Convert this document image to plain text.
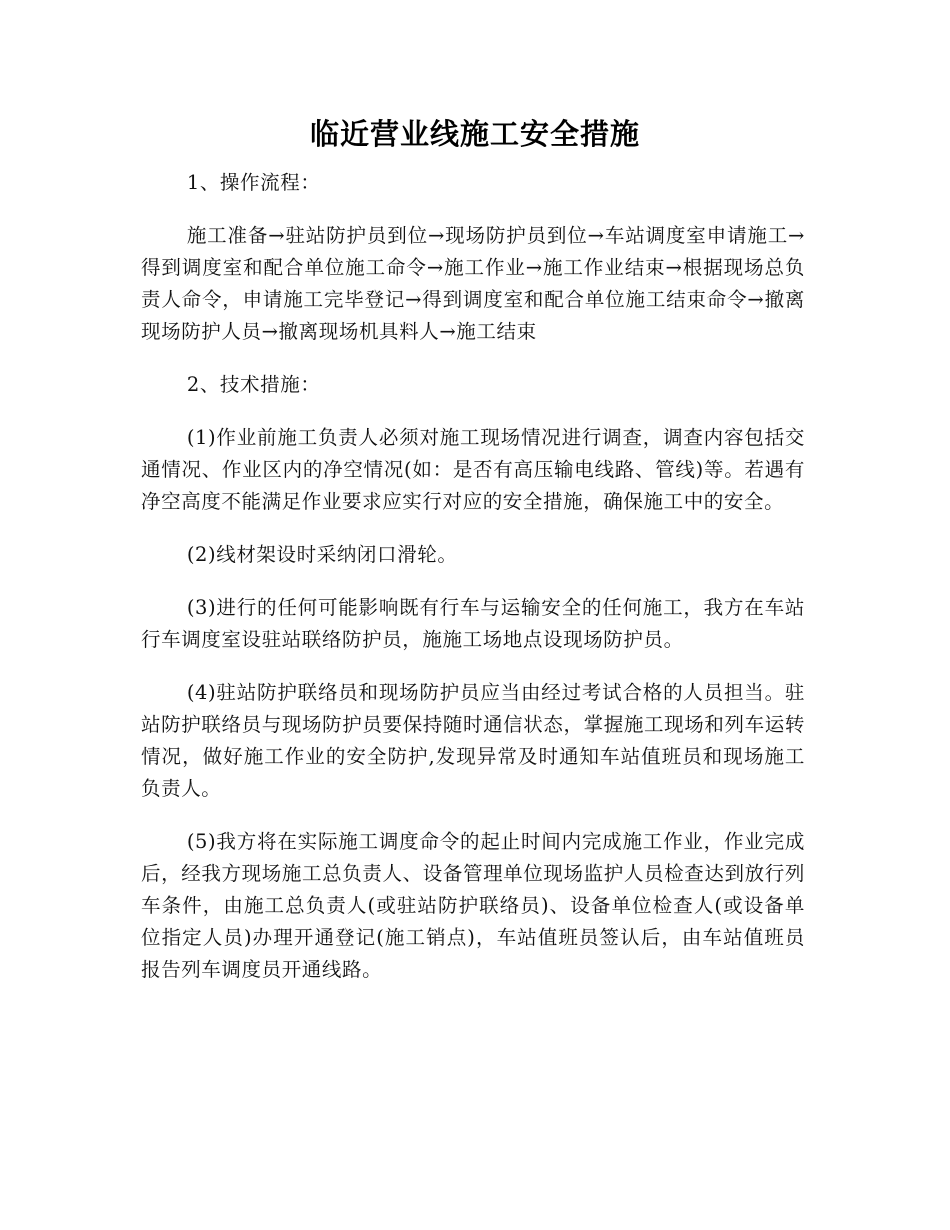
临近营业线施工安全措施

1、操作流程：

施工准备→驻站防护员到位→现场防护员到位→车站调度室申请施工→得到调度室和配合单位施工命令→施工作业→施工作业结束→根据现场总负责人命令，申请施工完毕登记→得到调度室和配合单位施工结束命令→撤离现场防护人员→撤离现场机具料人→施工结束

2、技术措施：

(1)作业前施工负责人必须对施工现场情况进行调查，调查内容包括交通情况、作业区内的净空情况(如：是否有高压输电线路、管线)等。若遇有净空高度不能满足作业要求应实行对应的安全措施，确保施工中的安全。

(2)线材架设时采纳闭口滑轮。

(3)进行的任何可能影响既有行车与运输安全的任何施工，我方在车站行车调度室设驻站联络防护员，施施工场地点设现场防护员。

(4)驻站防护联络员和现场防护员应当由经过考试合格的人员担当。驻站防护联络员与现场防护员要保持随时通信状态，掌握施工现场和列车运转情况，做好施工作业的安全防护,发现异常及时通知车站值班员和现场施工负责人。

(5)我方将在实际施工调度命令的起止时间内完成施工作业，作业完成后，经我方现场施工总负责人、设备管理单位现场监护人员检查达到放行列车条件，由施工总负责人(或驻站防护联络员)、设备单位检查人(或设备单位指定人员)办理开通登记(施工销点)，车站值班员签认后，由车站值班员报告列车调度员开通线路。
